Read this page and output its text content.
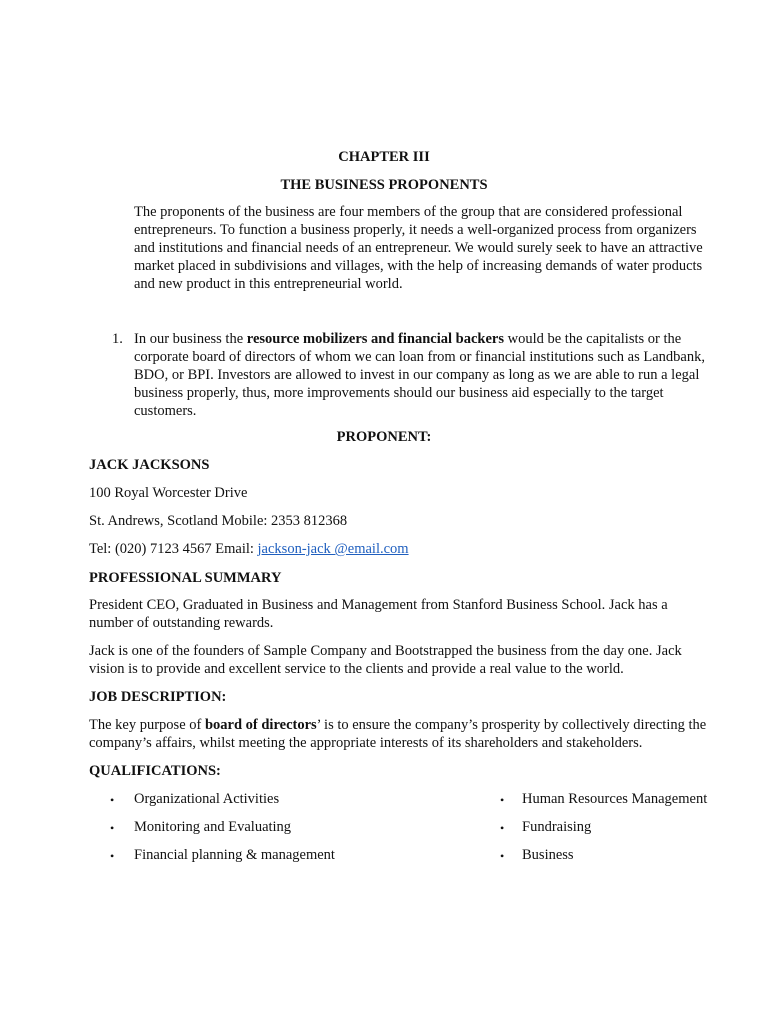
CHAPTER III
THE BUSINESS PROPONENTS
The proponents of the business are four members of the group that are considered professional
entrepreneurs. To function a business properly, it needs a well-organized process from organizers
and institutions and financial needs of an entrepreneur. We would surely seek to have an attractive
market placed in subdivisions and villages, with the help of increasing demands of water products
and new product in this entrepreneurial world.
1. In our business the resource mobilizers and financial backers would be the capitalists or the
corporate board of directors of whom we can loan from or financial institutions such as Landbank,
BDO, or BPI. Investors are allowed to invest in our company as long as we are able to run a legal
business properly, thus, more improvements should our business aid especially to the target
customers.
PROPONENT:
JACK JACKSONS
100 Royal Worcester Drive
St. Andrews, Scotland Mobile: 2353 812368
Tel: (020) 7123 4567 Email: jackson-jack @email.com
PROFESSIONAL SUMMARY
President CEO, Graduated in Business and Management from Stanford Business School. Jack has a
number of outstanding rewards.
Jack is one of the founders of Sample Company and Bootstrapped the business from the day one. Jack
vision is to provide and excellent service to the clients and provide a real value to the world.
JOB DESCRIPTION:
The key purpose of board of directors’ is to ensure the company’s prosperity by collectively directing the
company’s affairs, whilst meeting the appropriate interests of its shareholders and stakeholders.
QUALIFICATIONS:
• Organizational Activities
• Monitoring and Evaluating
• Financial planning & management
• Human Resources Management
• Fundraising
• Business
